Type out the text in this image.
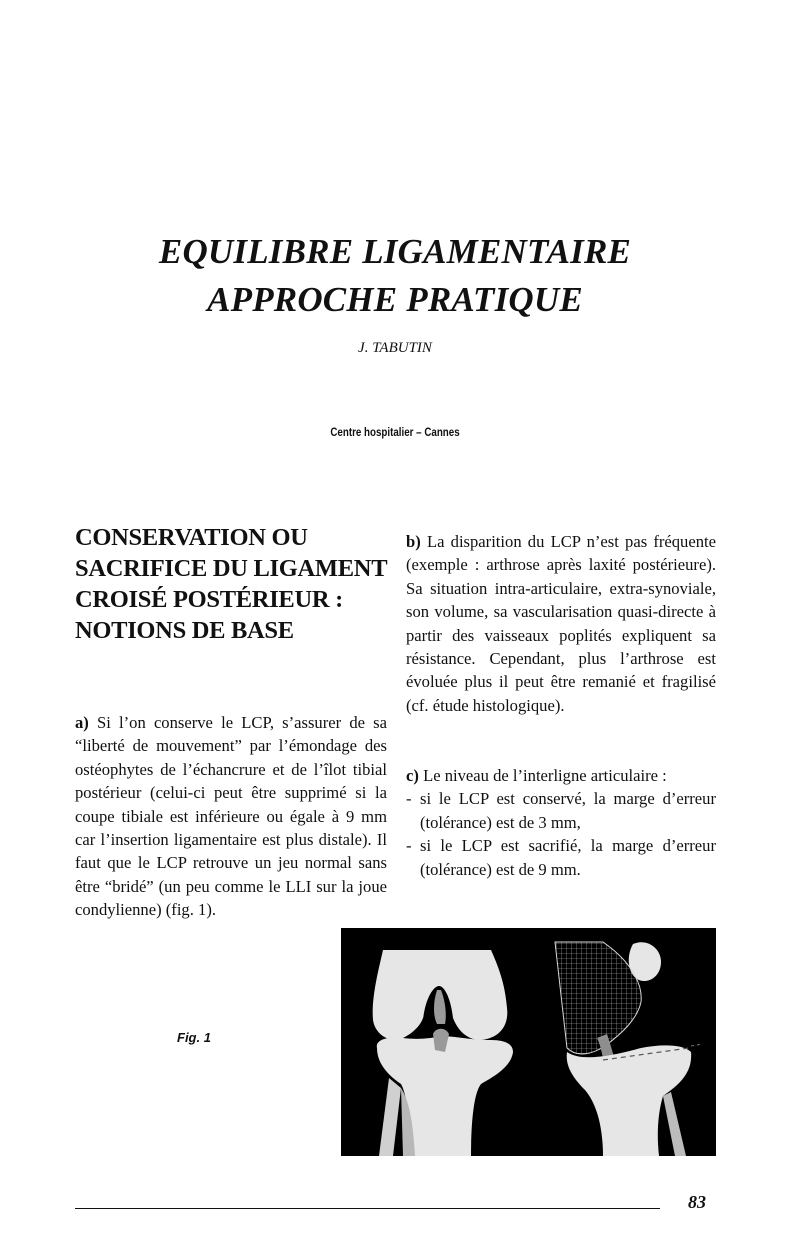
EQUILIBRE LIGAMENTAIRE
APPROCHE PRATIQUE
J. TABUTIN
Centre hospitalier – Cannes
CONSERVATION OU
SACRIFICE DU LIGAMENT
CROISÉ POSTÉRIEUR :
NOTIONS DE BASE

a) Si l’on conserve le LCP, s’assurer de sa “liberté de mouvement” par l’émondage des ostéophytes de l’échancrure et de l’îlot tibial postérieur (celui-ci peut être supprimé si la coupe tibiale est inférieure ou égale à 9 mm car l’insertion ligamentaire est plus distale). Il faut que le LCP retrouve un jeu normal sans être “bridé” (un peu comme le LLI sur la joue condylienne) (fig. 1).

b) La disparition du LCP n’est pas fréquente (exemple : arthrose après laxité postérieure). Sa situation intra-articulaire, extra-synoviale, son volume, sa vascularisation quasi-directe à partir des vaisseaux poplités expliquent sa résistance. Cependant, plus l’arthrose est évoluée plus il peut être remanié et fragilisé (cf. étude histologique).

c) Le niveau de l’interligne articulaire :
- si le LCP est conservé, la marge d’erreur (tolérance) est de 3 mm,
- si le LCP est sacrifié, la marge d’erreur (tolérance) est de 9 mm.
Fig. 1
83
